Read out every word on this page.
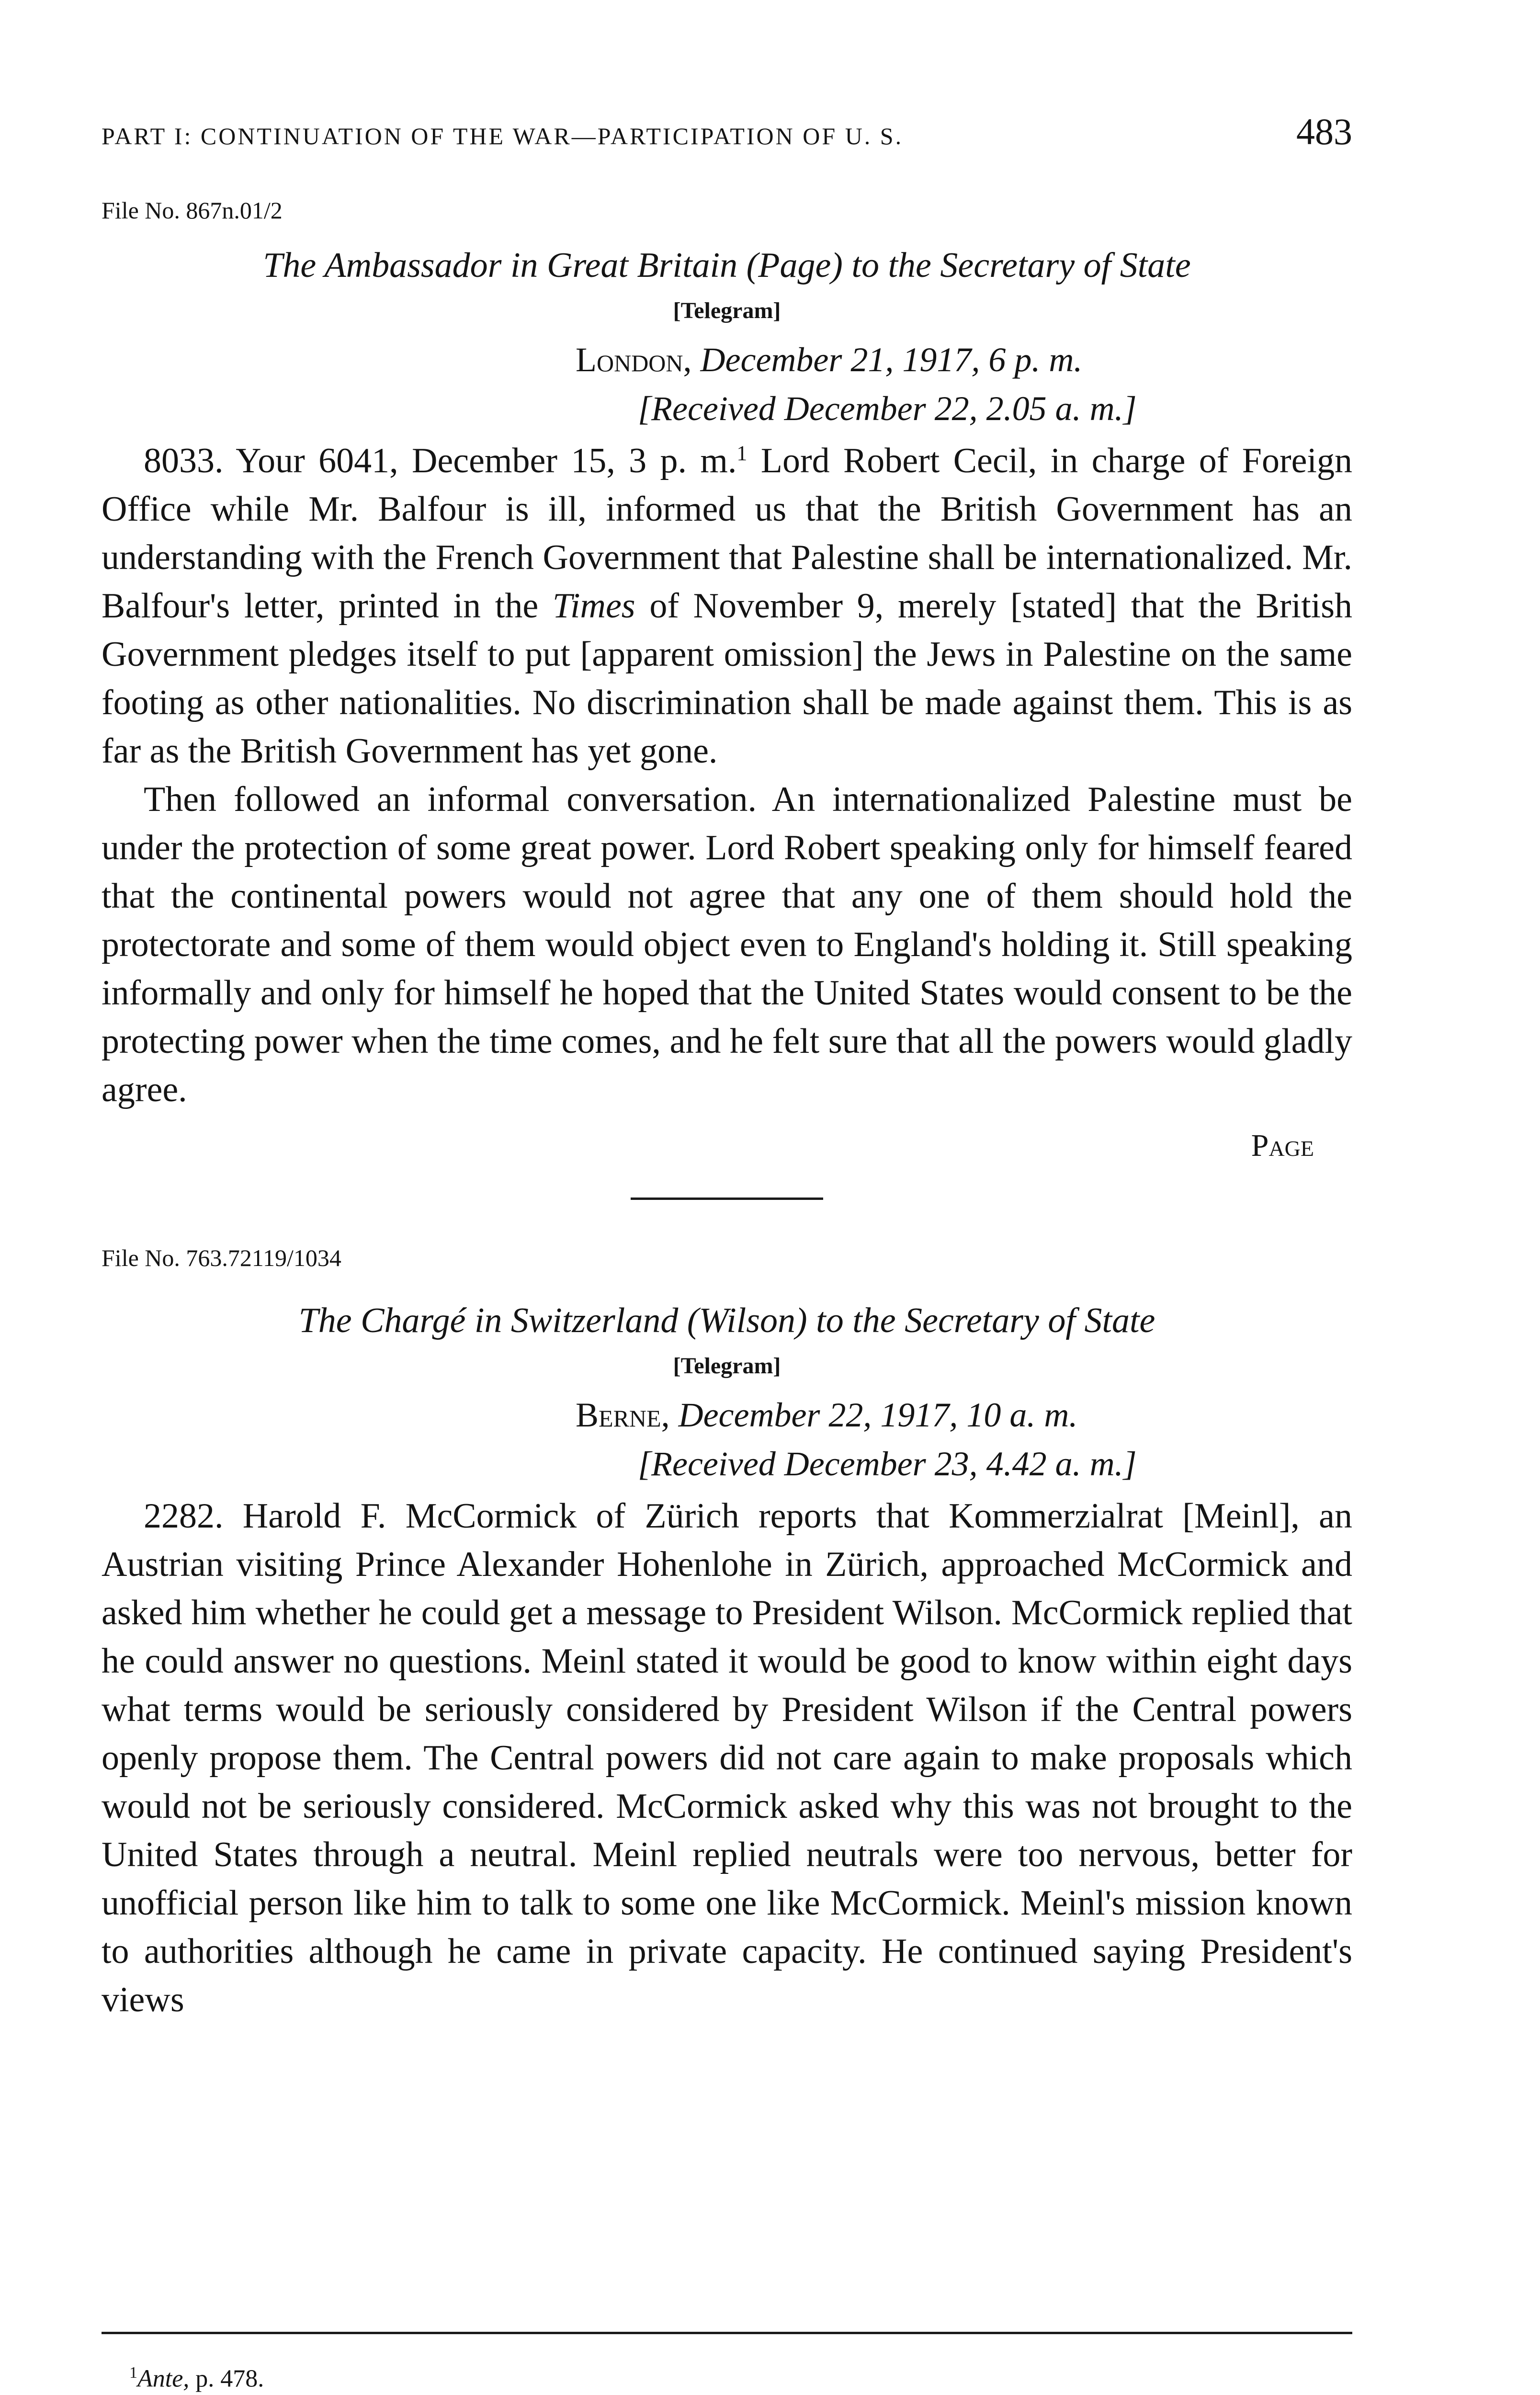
PART I: CONTINUATION OF THE WAR—PARTICIPATION OF U. S.	483
File No. 867n.01/2
The Ambassador in Great Britain (Page) to the Secretary of State
[Telegram]
London, December 21, 1917, 6 p. m.
[Received December 22, 2.05 a. m.]

8033. Your 6041, December 15, 3 p. m.$^1$ Lord Robert Cecil, in charge of Foreign Office while Mr. Balfour is ill, informed us that the British Government has an understanding with the French Government that Palestine shall be internationalized. Mr. Balfour's letter, printed in the Times of November 9, merely [stated] that the British Government pledges itself to put [apparent omission] the Jews in Palestine on the same footing as other nationalities. No discrimination shall be made against them. This is as far as the British Government has yet gone.

Then followed an informal conversation. An internationalized Palestine must be under the protection of some great power. Lord Robert speaking only for himself feared that the continental powers would not agree that any one of them should hold the protectorate and some of them would object even to England's holding it. Still speaking informally and only for himself he hoped that the United States would consent to be the protecting power when the time comes, and he felt sure that all the powers would gladly agree.

Page
File No. 763.72119/1034
The Chargé in Switzerland (Wilson) to the Secretary of State
[Telegram]
Berne, December 22, 1917, 10 a. m.
[Received December 23, 4.42 a. m.]

2282. Harold F. McCormick of Zürich reports that Kommerzialrat [Meinl], an Austrian visiting Prince Alexander Hohenlohe in Zürich, approached McCormick and asked him whether he could get a message to President Wilson. McCormick replied that he could answer no questions. Meinl stated it would be good to know within eight days what terms would be seriously considered by President Wilson if the Central powers openly propose them. The Central powers did not care again to make proposals which would not be seriously considered. McCormick asked why this was not brought to the United States through a neutral. Meinl replied neutrals were too nervous, better for unofficial person like him to talk to some one like McCormick. Meinl's mission known to authorities although he came in private capacity. He continued saying President's views

$^1$Ante, p. 478.
